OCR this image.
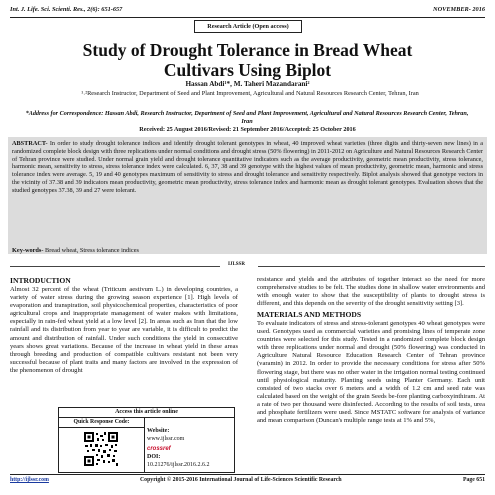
Int. J. Life. Sci. Scienti. Res., 2(6): 651-657	NOVEMBER- 2016
Research Article (Open access)
Study of Drought Tolerance in Bread Wheat
Cultivars Using Biplot
Hassan Abdi¹*, M. Taheri Mazandarani²
¹˒²Research Instructor, Department of Seed and Plant Improvement, Agricultural and Natural Resources Research Center, Tehran, Iran
*Address for Correspondence: Hassan Abdi, Research Instructor, Department of Seed and Plant Improvement, Agricultural and Natural Resources Research Center, Tehran, Iran
Received: 25 August 2016/Revised: 21 September 2016/Accepted: 25 October 2016
ABSTRACT- In order to study drought tolerance indices and identify drought tolerant genotypes in wheat, 40 improved wheat varieties (three digits and thirty-seven new lines) in a randomized complete block design with three replications under normal conditions and drought stress (50% flowering) in 2011-2012 on Agriculture and Natural Resources Research Center of Tehran province were studied. Under normal grain yield and drought tolerance quantitative indicators such as the average productivity, geometric mean productivity, stress tolerance, harmonic mean, sensitivity to stress, stress tolerance index were calculated. 6, 37, 38 and 39 genotype with the highest values of mean productivity, geometric mean, harmonic and stress tolerance index were average. 5, 19 and 40 genotypes maximum of sensitivity to stress and drought tolerance and sensitivity respectively. Biplot analysis showed that genotype vectors in the vicinity of 37.38 and 39 indicators mean productivity, geometric mean productivity, stress tolerance index and harmonic mean as drought tolerant genotypes. Evaluation shows that the studied genotypes 37.38, 39 and 27 were tolerant.
Key-words- Bread wheat, Stress tolerance indices
IJLSSR
INTRODUCTION
Almost 32 percent of the wheat (Triticum aestivum L.) in developing countries, a variety of water stress during the growing season experience [1]. High levels of evaporation and transpiration, soil physicochemical properties, characteristics of poor agricultural crops and inappropriate management of water makes with limitations, especially in rain-fed wheat yield at a low level [2]. In areas such as Iran that the low rainfall and its distribution from year to year are variable, it is difficult to predict the amount and distribution of rainfall. Under such conditions the yield in consecutive years shows great variations. Because of the increase in wheat yield in these areas through breeding and production of compatible cultivars resistant not been very successful because of plant traits and many factors are involved in the expression of the phenomenon of drought
Access this article online
Quick Response Code:
Website:
www.ijlssr.com
crossref
DOI:
10.21276/ijlssr.2016.2.6.2
resistance and yields and the attributes of together interact so the need for more comprehensive studies to be felt. The studies done in shallow water environments and with enough water to show that the susceptibility of plants to drought stress is different, and this depends on the severity of the drought sensitivity setting [3].
MATERIALS AND METHODS
To evaluate indicators of stress and stress-tolerant genotypes 40 wheat genotypes were used. Genotypes used as commercial varieties and promising lines of temperate zone countries were selected for this study. Tested in a randomized complete block design with three replications under normal and drought (50% flowering) was conducted in Agriculture Natural Resource Education Research Center of Tehran province (varamin) in 2012. In order to provide the necessary conditions for stress after 50% flowering stage, but there was no other water in the irrigation normal testing continued until physiological maturity. Planting seeds using Planter Germany. Each unit consisted of two stacks over 6 meters and a width of 1.2 cm and seed rate was calculated based on the weight of the grain Seeds be-fore planting carboxyinthiram. At a rate of two per thousand were disinfected. According to the results of soil tests, urea and phosphate fertilizers were used. Since MSTATC software for analysis of variance and mean comparison (Duncan's multiple range tests at 1% and 5%,
http://ijlssr.com	Copyright © 2015-2016 International Journal of Life-Sciences Scientific Research	Page 651
